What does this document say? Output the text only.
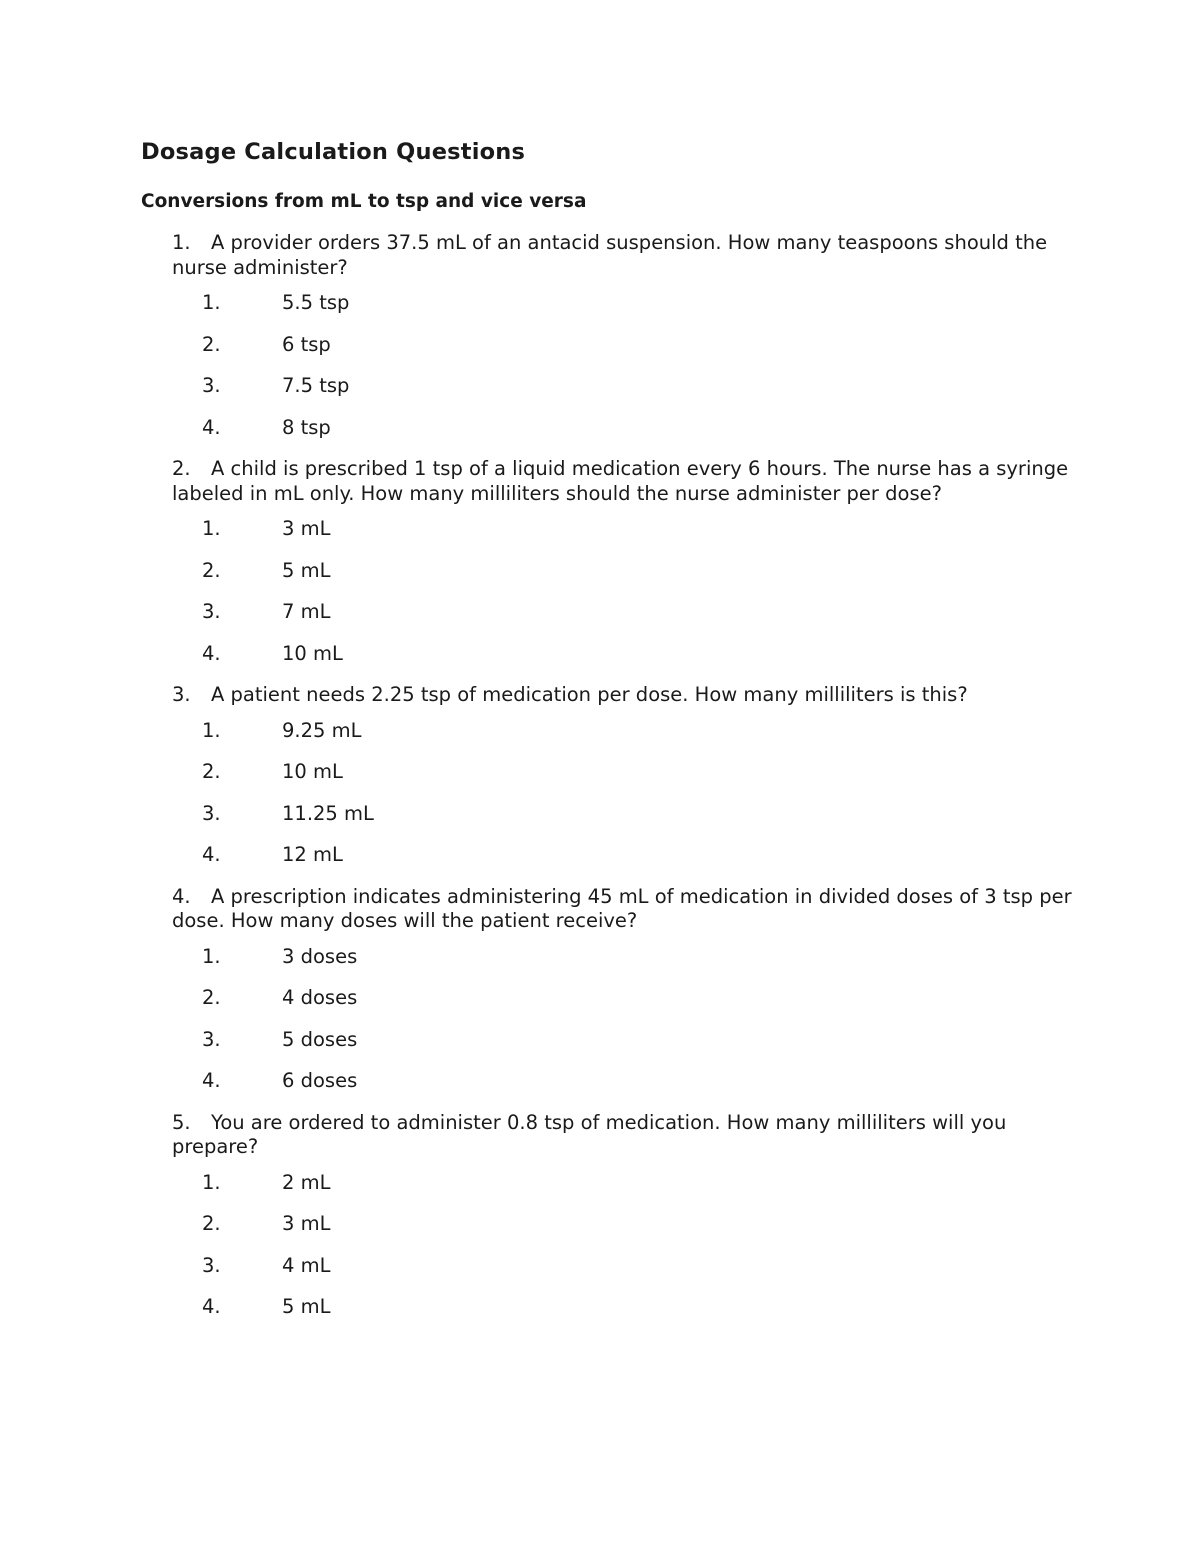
Dosage Calculation Questions
Conversions from mL to tsp and vice versa

1. A provider orders 37.5 mL of an antacid suspension. How many teaspoons should the nurse administer?

1.	5.5 tsp
2.	6 tsp
3.	7.5 tsp
4.	8 tsp

2. A child is prescribed 1 tsp of a liquid medication every 6 hours. The nurse has a syringe labeled in mL only. How many milliliters should the nurse administer per dose?

1.	3 mL
2.	5 mL
3.	7 mL
4.	10 mL

3. A patient needs 2.25 tsp of medication per dose. How many milliliters is this?

1.	9.25 mL
2.	10 mL
3.	11.25 mL
4.	12 mL

4. A prescription indicates administering 45 mL of medication in divided doses of 3 tsp per dose. How many doses will the patient receive?

1.	3 doses
2.	4 doses
3.	5 doses
4.	6 doses

5. You are ordered to administer 0.8 tsp of medication. How many milliliters will you prepare?

1.	2 mL
2.	3 mL
3.	4 mL
4.	5 mL
